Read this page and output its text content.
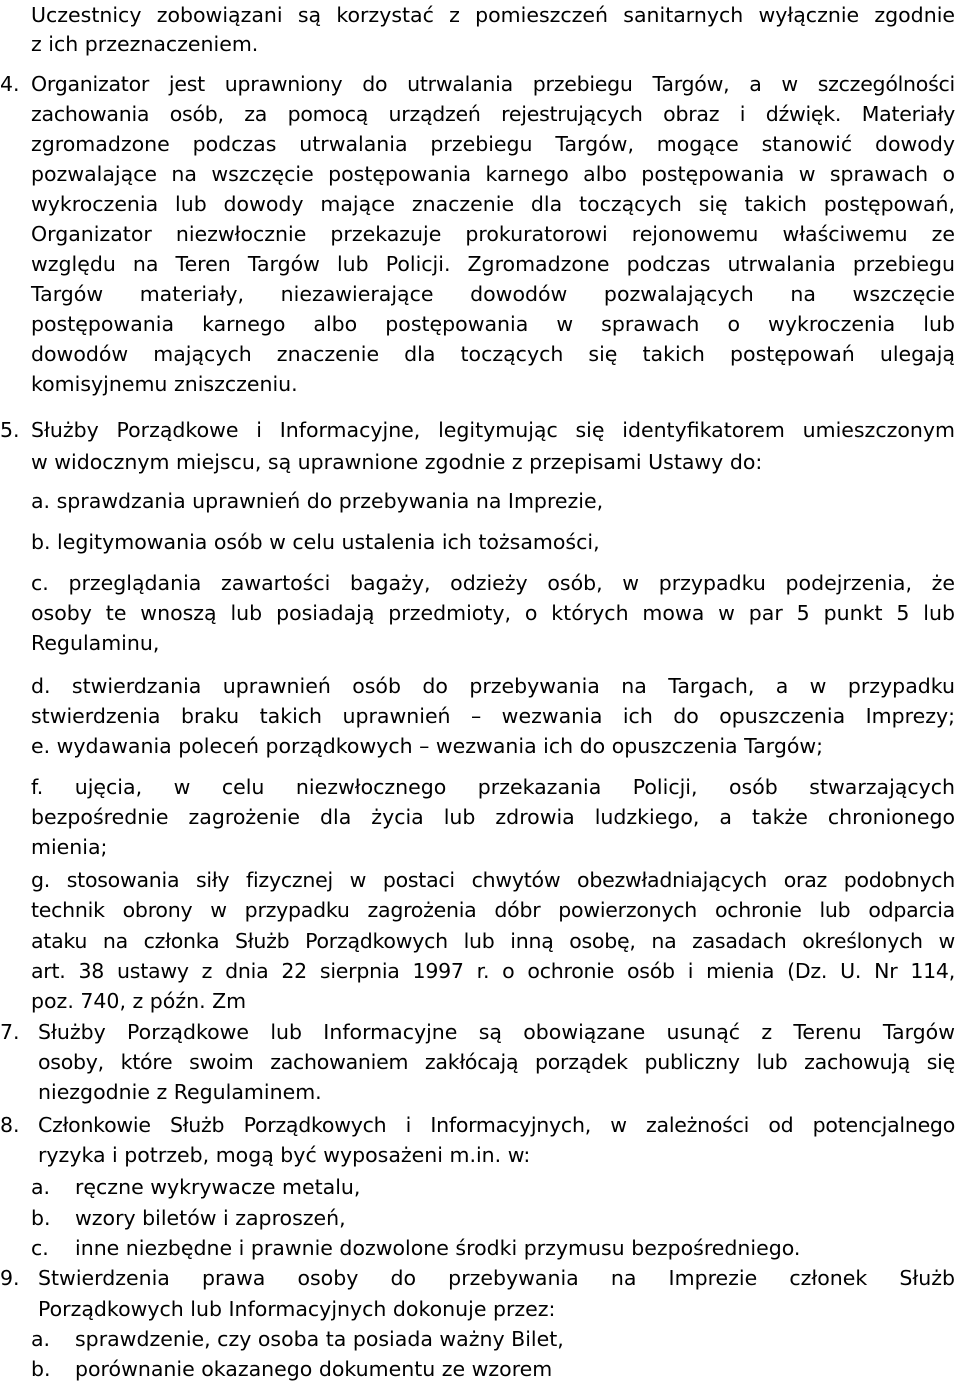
Uczestnicy zobowiązani są korzystać z pomieszczeń sanitarnych wyłącznie zgodnie
z ich przeznaczeniem.
4. Organizator jest uprawniony do utrwalania przebiegu Targów, a w szczególności
zachowania osób, za pomocą urządzeń rejestrujących obraz i dźwięk. Materiały
zgromadzone podczas utrwalania przebiegu Targów, mogące stanowić dowody
pozwalające na wszczęcie postępowania karnego albo postępowania w sprawach o
wykroczenia lub dowody mające znaczenie dla toczących się takich postępowań,
Organizator niezwłocznie przekazuje prokuratorowi rejonowemu właściwemu ze
względu na Teren Targów lub Policji. Zgromadzone podczas utrwalania przebiegu
Targów materiały, niezawierające dowodów pozwalających na wszczęcie
postępowania karnego albo postępowania w sprawach o wykroczenia lub
dowodów mających znaczenie dla toczących się takich postępowań ulegają
komisyjnemu zniszczeniu.
5. Służby Porządkowe i Informacyjne, legitymując się identyfikatorem umieszczonym
w widocznym miejscu, są uprawnione zgodnie z przepisami Ustawy do:
a. sprawdzania uprawnień do przebywania na Imprezie,
b. legitymowania osób w celu ustalenia ich tożsamości,
c. przeglądania zawartości bagaży, odzieży osób, w przypadku podejrzenia, że
osoby te wnoszą lub posiadają przedmioty, o których mowa w par 5 punkt 5 lub
Regulaminu,
d. stwierdzania uprawnień osób do przebywania na Targach, a w przypadku
stwierdzenia braku takich uprawnień – wezwania ich do opuszczenia Imprezy;
e. wydawania poleceń porządkowych – wezwania ich do opuszczenia Targów;
f. ujęcia, w celu niezwłocznego przekazania Policji, osób stwarzających
bezpośrednie zagrożenie dla życia lub zdrowia ludzkiego, a także chronionego
mienia;
g. stosowania siły fizycznej w postaci chwytów obezwładniających oraz podobnych
technik obrony w przypadku zagrożenia dóbr powierzonych ochronie lub odparcia
ataku na członka Służb Porządkowych lub inną osobę, na zasadach określonych w
art. 38 ustawy z dnia 22 sierpnia 1997 r. o ochronie osób i mienia (Dz. U. Nr 114,
poz. 740, z późn. Zm
7. Służby Porządkowe lub Informacyjne są obowiązane usunąć z Terenu Targów
osoby, które swoim zachowaniem zakłócają porządek publiczny lub zachowują się
niezgodnie z Regulaminem.
8. Członkowie Służb Porządkowych i Informacyjnych, w zależności od potencjalnego
ryzyka i potrzeb, mogą być wyposażeni m.in. w:
a.	ręczne wykrywacze metalu,
b.	wzory biletów i zaproszeń,
c.	inne niezbędne i prawnie dozwolone środki przymusu bezpośredniego.
9. Stwierdzenia prawa osoby do przebywania na Imprezie członek Służb
Porządkowych lub Informacyjnych dokonuje przez:
a.	sprawdzenie, czy osoba ta posiada ważny Bilet,
b.	porównanie okazanego dokumentu ze wzorem
